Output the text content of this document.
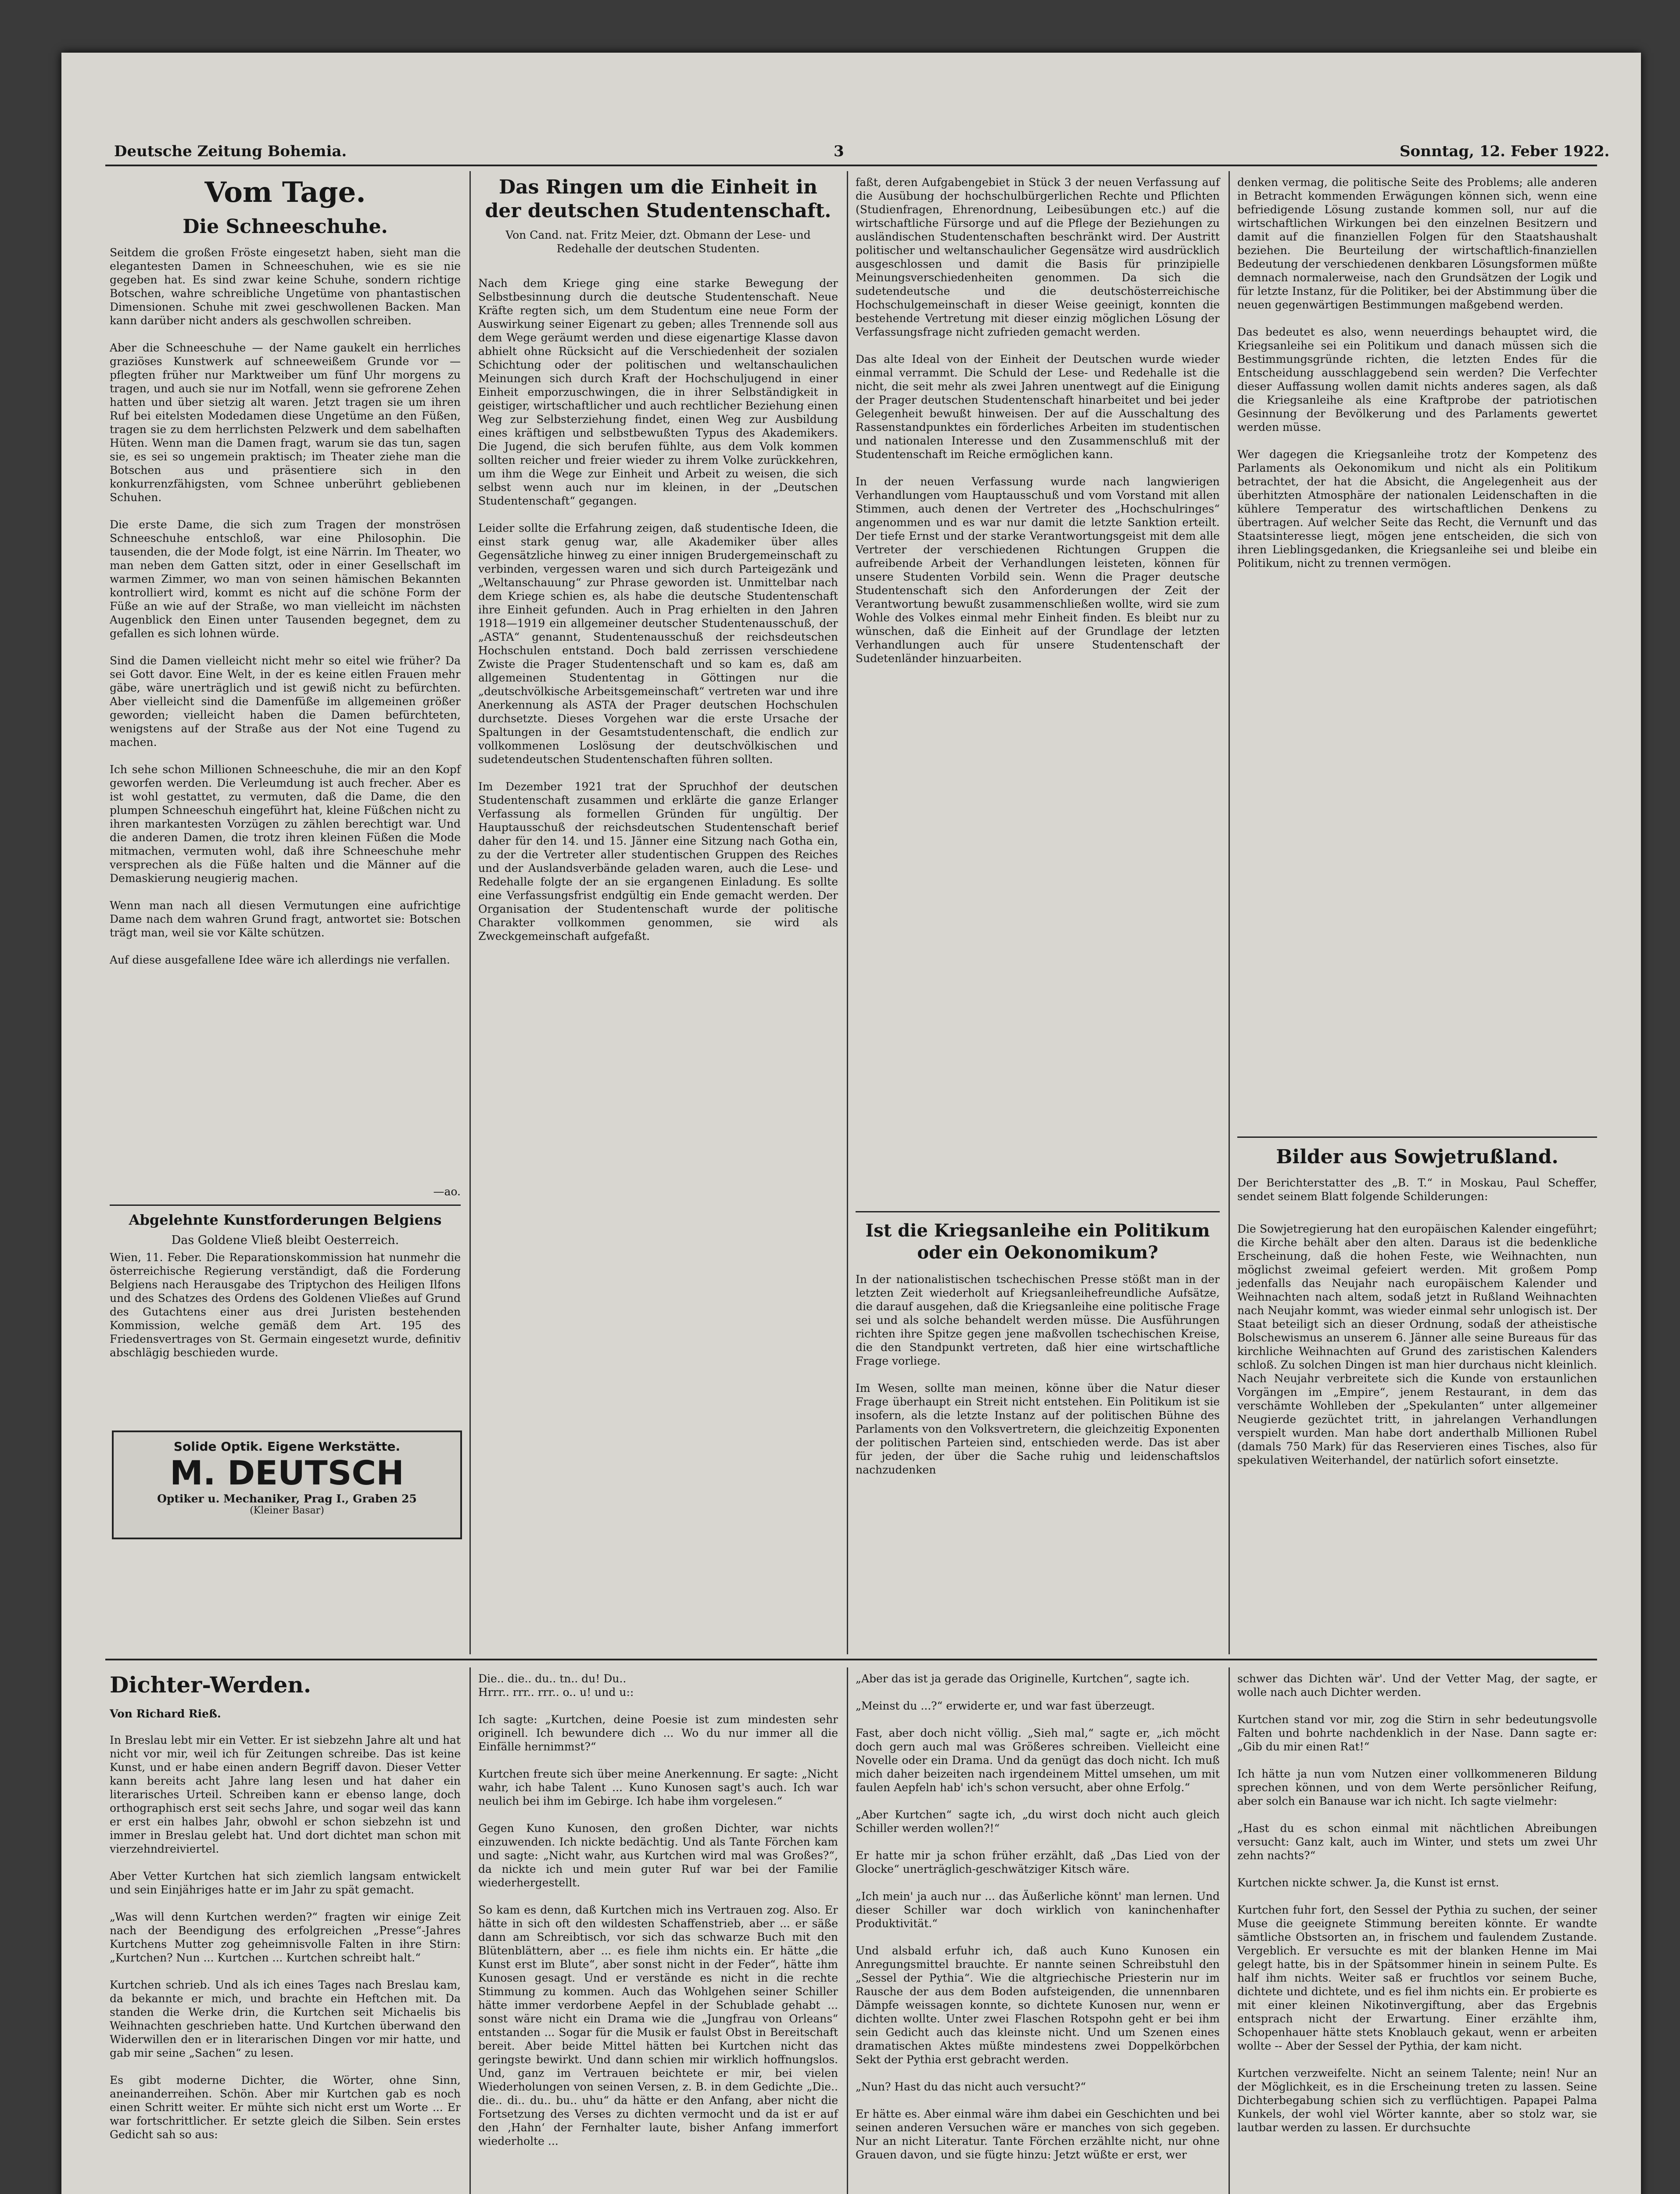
Deutsche Zeitung Bohemia.	3	Sonntag, 12. Feber 1922.
Vom Tage.
Die Schneeschuhe.
Seitdem die großen Fröste eingesetzt haben, sieht man die elegantesten Damen in Schneeschuhen, wie es sie nie gegeben hat. Es sind zwar keine Schuhe, sondern richtige Botschen, wahre schreibliche Ungetüme von phantastischen Dimensionen. Schuhe mit zwei geschwollenen Backen. Man kann darüber nicht anders als geschwollen schreiben.

Aber die Schneeschuhe — der Name gaukelt ein herrliches graziöses Kunstwerk auf schneeweißem Grunde vor — pflegten früher nur Marktweiber um fünf Uhr morgens zu tragen, und auch sie nur im Notfall, wenn sie gefrorene Zehen hatten und über sietzig alt waren. Jetzt tragen sie um ihren Ruf bei eitelsten Modedamen diese Ungetüme an den Füßen, tragen sie zu dem herrlichsten Pelzwerk und dem sabelhaften Hüten. Wenn man die Damen fragt, warum sie das tun, sagen sie, es sei so ungemein praktisch; im Theater ziehe man die Botschen aus und präsentiere sich in den konkurrenzfähigsten, vom Schnee unberührt gebliebenen Schuhen.

Die erste Dame, die sich zum Tragen der monströsen Schneeschuhe entschloß, war eine Philosophin. Die tausenden, die der Mode folgt, ist eine Närrin. Im Theater, wo man neben dem Gatten sitzt, oder in einer Gesellschaft im warmen Zimmer, wo man von seinen hämischen Bekannten kontrolliert wird, kommt es nicht auf die schöne Form der Füße an wie auf der Straße, wo man vielleicht im nächsten Augenblick den Einen unter Tausenden begegnet, dem zu gefallen es sich lohnen würde.

Sind die Damen vielleicht nicht mehr so eitel wie früher? Da sei Gott davor. Eine Welt, in der es keine eitlen Frauen mehr gäbe, wäre unerträglich und ist gewiß nicht zu befürchten. Aber vielleicht sind die Damenfüße im allgemeinen größer geworden; vielleicht haben die Damen befürchteten, wenigstens auf der Straße aus der Not eine Tugend zu machen.

Ich sehe schon Millionen Schneeschuhe, die mir an den Kopf geworfen werden. Die Verleumdung ist auch frecher. Aber es ist wohl gestattet, zu vermuten, daß die Dame, die den plumpen Schneeschuh eingeführt hat, kleine Füßchen nicht zu ihren markantesten Vorzügen zu zählen berechtigt war. Und die anderen Damen, die trotz ihren kleinen Füßen die Mode mitmachen, vermuten wohl, daß ihre Schneeschuhe mehr versprechen als die Füße halten und die Männer auf die Demaskierung neugierig machen.

Wenn man nach all diesen Vermutungen eine aufrichtige Dame nach dem wahren Grund fragt, antwortet sie: Botschen trägt man, weil sie vor Kälte schützen.

Auf diese ausgefallene Idee wäre ich allerdings nie verfallen.
—ao.
Abgelehnte Kunstforderungen Belgiens
Das Goldene Vließ bleibt Oesterreich.
Wien, 11. Feber. Die Reparationskommission hat nunmehr die österreichische Regierung verständigt, daß die Forderung Belgiens nach Herausgabe des Triptychon des Heiligen Ilfons und des Schatzes des Ordens des Goldenen Vließes auf Grund des Gutachtens einer aus drei Juristen bestehenden Kommission, welche gemäß dem Art. 195 des Friedensvertrages von St. Germain eingesetzt wurde, definitiv abschlägig beschieden wurde.
Solide Optik. Eigene Werkstätte.
M. DEUTSCH
Optiker u. Mechaniker, Prag I., Graben 25
(Kleiner Basar)
Das Ringen um die Einheit in der deutschen Studentenschaft.
Von Cand. nat. Fritz Meier, dzt. Obmann der Lese- und Redehalle der deutschen Studenten.
Nach dem Kriege ging eine starke Bewegung der Selbstbesinnung durch die deutsche Studentenschaft. Neue Kräfte regten sich, um dem Studentum eine neue Form der Auswirkung seiner Eigenart zu geben; alles Trennende soll aus dem Wege geräumt werden und diese eigenartige Klasse davon abhielt ohne Rücksicht auf die Verschiedenheit der sozialen Schichtung oder der politischen und weltanschaulichen Meinungen sich durch Kraft der Hochschuljugend in einer Einheit emporzuschwingen, die in ihrer Selbständigkeit in geistiger, wirtschaftlicher und auch rechtlicher Beziehung einen Weg zur Selbsterziehung findet, einen Weg zur Ausbildung eines kräftigen und selbstbewußten Typus des Akademikers. Die Jugend, die sich berufen fühlte, aus dem Volk kommen sollten reicher und freier wieder zu ihrem Volke zurückkehren, um ihm die Wege zur Einheit und Arbeit zu weisen, die sich selbst wenn auch nur im kleinen, in der „Deutschen Studentenschaft“ gegangen.

Leider sollte die Erfahrung zeigen, daß studentische Ideen, die einst stark genug war, alle Akademiker über alles Gegensätzliche hinweg zu einer innigen Brudergemeinschaft zu verbinden, vergessen waren und sich durch Parteigezänk und „Weltanschauung“ zur Phrase geworden ist. Unmittelbar nach dem Kriege schien es, als habe die deutsche Studentenschaft ihre Einheit gefunden. Auch in Prag erhielten in den Jahren 1918—1919 ein allgemeiner deutscher Studentenausschuß, der „ASTA“ genannt, Studentenausschuß der reichsdeutschen Hochschulen entstand. Doch bald zerrissen verschiedene Zwiste die Prager Studentenschaft und so kam es, daß am allgemeinen Studententag in Göttingen nur die „deutschvölkische Arbeitsgemeinschaft“ vertreten war und ihre Anerkennung als ASTA der Prager deutschen Hochschulen durchsetzte. Dieses Vorgehen war die erste Ursache der Spaltungen in der Gesamtstudentenschaft, die endlich zur vollkommenen Loslösung der deutschvölkischen und sudetendeutschen Studentenschaften führen sollten.

Im Dezember 1921 trat der Spruchhof der deutschen Studentenschaft zusammen und erklärte die ganze Erlanger Verfassung als formellen Gründen für ungültig. Der Hauptausschuß der reichsdeutschen Studentenschaft berief daher für den 14. und 15. Jänner eine Sitzung nach Gotha ein, zu der die Vertreter aller studentischen Gruppen des Reiches und der Auslandsverbände geladen waren, auch die Lese- und Redehalle folgte der an sie ergangenen Einladung. Es sollte eine Verfassungsfrist endgültig ein Ende gemacht werden. Der Organisation der Studentenschaft wurde der politische Charakter vollkommen genommen, sie wird als Zweckgemeinschaft aufgefaßt.
faßt, deren Aufgabengebiet in Stück 3 der neuen Verfassung auf die Ausübung der hochschulbürgerlichen Rechte und Pflichten (Studienfragen, Ehrenordnung, Leibesübungen etc.) auf die wirtschaftliche Fürsorge und auf die Pflege der Beziehungen zu ausländischen Studentenschaften beschränkt wird. Der Austritt politischer und weltanschaulicher Gegensätze wird ausdrücklich ausgeschlossen und damit die Basis für prinzipielle Meinungsverschiedenheiten genommen. Da sich die sudetendeutsche und die deutschösterreichische Hochschulgemeinschaft in dieser Weise geeinigt, konnten die bestehende Vertretung mit dieser einzig möglichen Lösung der Verfassungsfrage nicht zufrieden gemacht werden.

Das alte Ideal von der Einheit der Deutschen wurde wieder einmal verrammt. Die Schuld der Lese- und Redehalle ist die nicht, die seit mehr als zwei Jahren unentwegt auf die Einigung der Prager deutschen Studentenschaft hinarbeitet und bei jeder Gelegenheit bewußt hinweisen. Der auf die Ausschaltung des Rassenstandpunktes ein förderliches Arbeiten im studentischen und nationalen Interesse und den Zusammenschluß mit der Studentenschaft im Reiche ermöglichen kann.

In der neuen Verfassung wurde nach langwierigen Verhandlungen vom Hauptausschuß und vom Vorstand mit allen Stimmen, auch denen der Vertreter des „Hochschulringes“ angenommen und es war nur damit die letzte Sanktion erteilt. Der tiefe Ernst und der starke Verantwortungsgeist mit dem alle Vertreter der verschiedenen Richtungen Gruppen die aufreibende Arbeit der Verhandlungen leisteten, können für unsere Studenten Vorbild sein. Wenn die Prager deutsche Studentenschaft sich den Anforderungen der Zeit der Verantwortung bewußt zusammenschließen wollte, wird sie zum Wohle des Volkes einmal mehr Einheit finden. Es bleibt nur zu wünschen, daß die Einheit auf der Grundlage der letzten Verhandlungen auch für unsere Studentenschaft der Sudetenländer hinzuarbeiten.
Ist die Kriegsanleihe ein Politikum oder ein Oekonomikum?
In der nationalistischen tschechischen Presse stößt man in der letzten Zeit wiederholt auf Kriegsanleihefreundliche Aufsätze, die darauf ausgehen, daß die Kriegsanleihe eine politische Frage sei und als solche behandelt werden müsse. Die Ausführungen richten ihre Spitze gegen jene maßvollen tschechischen Kreise, die den Standpunkt vertreten, daß hier eine wirtschaftliche Frage vorliege.

Im Wesen, sollte man meinen, könne über die Natur dieser Frage überhaupt ein Streit nicht entstehen. Ein Politikum ist sie insofern, als die letzte Instanz auf der politischen Bühne des Parlaments von den Volksvertretern, die gleichzeitig Exponenten der politischen Parteien sind, entschieden werde. Das ist aber für jeden, der über die Sache ruhig und leidenschaftslos nachzudenken
denken vermag, die politische Seite des Problems; alle anderen in Betracht kommenden Erwägungen können sich, wenn eine befriedigende Lösung zustande kommen soll, nur auf die wirtschaftlichen Wirkungen bei den einzelnen Besitzern und damit auf die finanziellen Folgen für den Staatshaushalt beziehen. Die Beurteilung der wirtschaftlich-finanziellen Bedeutung der verschiedenen denkbaren Lösungsformen müßte demnach normalerweise, nach den Grundsätzen der Logik und für letzte Instanz, für die Politiker, bei der Abstimmung über die neuen gegenwärtigen Bestimmungen maßgebend werden.

Das bedeutet es also, wenn neuerdings behauptet wird, die Kriegsanleihe sei ein Politikum und danach müssen sich die Bestimmungsgründe richten, die letzten Endes für die Entscheidung ausschlaggebend sein werden? Die Verfechter dieser Auffassung wollen damit nichts anderes sagen, als daß die Kriegsanleihe als eine Kraftprobe der patriotischen Gesinnung der Bevölkerung und des Parlaments gewertet werden müsse.

Wer dagegen die Kriegsanleihe trotz der Kompetenz des Parlaments als Oekonomikum und nicht als ein Politikum betrachtet, der hat die Absicht, die Angelegenheit aus der überhitzten Atmosphäre der nationalen Leidenschaften in die kühlere Temperatur des wirtschaftlichen Denkens zu übertragen. Auf welcher Seite das Recht, die Vernunft und das Staatsinteresse liegt, mögen jene entscheiden, die sich von ihren Lieblingsgedanken, die Kriegsanleihe sei und bleibe ein Politikum, nicht zu trennen vermögen.
Bilder aus Sowjetrußland.
Der Berichterstatter des „B. T.“ in Moskau, Paul Scheffer, sendet seinem Blatt folgende Schilderungen:
Die Sowjetregierung hat den europäischen Kalender eingeführt; die Kirche behält aber den alten. Daraus ist die bedenkliche Erscheinung, daß die hohen Feste, wie Weihnachten, nun möglichst zweimal gefeiert werden. Mit großem Pomp jedenfalls das Neujahr nach europäischem Kalender und Weihnachten nach altem, sodaß jetzt in Rußland Weihnachten nach Neujahr kommt, was wieder einmal sehr unlogisch ist. Der Staat beteiligt sich an dieser Ordnung, sodaß der atheistische Bolschewismus an unserem 6. Jänner alle seine Bureaus für das kirchliche Weihnachten auf Grund des zaristischen Kalenders schloß. Zu solchen Dingen ist man hier durchaus nicht kleinlich. Nach Neujahr verbreitete sich die Kunde von erstaunlichen Vorgängen im „Empire“, jenem Restaurant, in dem das verschämte Wohlleben der „Spekulanten“ unter allgemeiner Neugierde gezüchtet tritt, in jahrelangen Verhandlungen verspielt wurden. Man habe dort anderthalb Millionen Rubel (damals 750 Mark) für das Reservieren eines Tisches, also für spekulativen Weiterhandel, der natürlich sofort einsetzte.
Dichter-Werden.
Von Richard Rieß.
In Breslau lebt mir ein Vetter. Er ist siebzehn Jahre alt und hat nicht vor mir, weil ich für Zeitungen schreibe. Das ist keine Kunst, und er habe einen andern Begriff davon. Dieser Vetter kann bereits acht Jahre lang lesen und hat daher ein literarisches Urteil. Schreiben kann er ebenso lange, doch orthographisch erst seit sechs Jahre, und sogar weil das kann er erst ein halbes Jahr, obwohl er schon siebzehn ist und immer in Breslau gelebt hat. Und dort dichtet man schon mit vierzehndreiviertel.

Aber Vetter Kurtchen hat sich ziemlich langsam entwickelt und sein Einjähriges hatte er im Jahr zu spät gemacht.

„Was will denn Kurtchen werden?“ fragten wir einige Zeit nach der Beendigung des erfolgreichen „Presse“-Jahres Kurtchens Mutter zog geheimnisvolle Falten in ihre Stirn: „Kurtchen? Nun ... Kurtchen ... Kurtchen schreibt halt.“

Kurtchen schrieb. Und als ich eines Tages nach Breslau kam, da bekannte er mich, und brachte ein Heftchen mit. Da standen die Werke drin, die Kurtchen seit Michaelis bis Weihnachten geschrieben hatte. Und Kurtchen überwand den Widerwillen den er in literarischen Dingen vor mir hatte, und gab mir seine „Sachen“ zu lesen.

Es gibt moderne Dichter, die Wörter, ohne Sinn, aneinanderreihen. Schön. Aber mir Kurtchen gab es noch einen Schritt weiter. Er mühte sich nicht erst um Worte ... Er war fortschrittlicher. Er setzte gleich die Silben. Sein erstes Gedicht sah so aus:
Die.. die.. du.. tn.. du! Du..
Hrrr.. rrr.. rrr.. o.. u! und u::

Ich sagte: „Kurtchen, deine Poesie ist zum mindesten sehr originell. Ich bewundere dich ... Wo du nur immer all die Einfälle hernimmst?“

Kurtchen freute sich über meine Anerkennung. Er sagte: „Nicht wahr, ich habe Talent ... Kuno Kunosen sagt's auch. Ich war neulich bei ihm im Gebirge. Ich habe ihm vorgelesen.“

Gegen Kuno Kunosen, den großen Dichter, war nichts einzuwenden. Ich nickte bedächtig. Und als Tante Förchen kam und sagte: „Nicht wahr, aus Kurtchen wird mal was Großes?“, da nickte ich und mein guter Ruf war bei der Familie wiederhergestellt.

So kam es denn, daß Kurtchen mich ins Vertrauen zog. Also. Er hätte in sich oft den wildesten Schaffenstrieb, aber ... er säße dann am Schreibtisch, vor sich das schwarze Buch mit den Blütenblättern, aber ... es fiele ihm nichts ein. Er hätte „die Kunst erst im Blute“, aber sonst nicht in der Feder“, hätte ihm Kunosen gesagt. Und er verstände es nicht in die rechte Stimmung zu kommen. Auch das Wohlgehen seiner Schiller hätte immer verdorbene Aepfel in der Schublade gehabt ... sonst wäre nicht ein Drama wie die „Jungfrau von Orleans“ entstanden ... Sogar für die Musik er faulst Obst in Bereitschaft bereit. Aber beide Mittel hätten bei Kurtchen nicht das geringste bewirkt. Und dann schien mir wirklich hoffnungslos. Und, ganz im Vertrauen beichtete er mir, bei vielen Wiederholungen von seinen Versen, z. B. in dem Gedichte „Die.. die.. di.. du.. bu.. uhu“ da hätte er den Anfang, aber nicht die Fortsetzung des Verses zu dichten vermocht und da ist er auf den ‚Hahn‘ der Fernhalter laute, bisher Anfang immerfort wiederholte ...
„Aber das ist ja gerade das Originelle, Kurtchen“, sagte ich.

„Meinst du ...?“ erwiderte er, und war fast überzeugt.

Fast, aber doch nicht völlig. „Sieh mal,“ sagte er, „ich möcht doch gern auch mal was Größeres schreiben. Vielleicht eine Novelle oder ein Drama. Und da genügt das doch nicht. Ich muß mich daher beizeiten nach irgendeinem Mittel umsehen, um mit faulen Aepfeln hab' ich's schon versucht, aber ohne Erfolg.“

„Aber Kurtchen“ sagte ich, „du wirst doch nicht auch gleich Schiller werden wollen?!“

Er hatte mir ja schon früher erzählt, daß „Das Lied von der Glocke“ unerträglich-geschwätziger Kitsch wäre.

„Ich mein' ja auch nur ... das Äußerliche könnt' man lernen. Und dieser Schiller war doch wirklich von kaninchenhafter Produktivität.“

Und alsbald erfuhr ich, daß auch Kuno Kunosen ein Anregungsmittel brauchte. Er nannte seinen Schreibstuhl den „Sessel der Pythia“. Wie die altgriechische Priesterin nur im Rausche der aus dem Boden aufsteigenden, die unnennbaren Dämpfe weissagen konnte, so dichtete Kunosen nur, wenn er dichten wollte. Unter zwei Flaschen Rotspohn geht er bei ihm sein Gedicht auch das kleinste nicht. Und um Szenen eines dramatischen Aktes müßte mindestens zwei Doppelkörbchen Sekt der Pythia erst gebracht werden.

„Nun? Hast du das nicht auch versucht?“

Er hätte es. Aber einmal wäre ihm dabei ein Geschichten und bei seinen anderen Versuchen wäre er manches von sich gegeben. Nur an nicht Literatur. Tante Förchen erzählte nicht, nur ohne Grauen davon, und sie fügte hinzu: Jetzt wüßte er erst, wer
schwer das Dichten wär'. Und der Vetter Mag, der sagte, er wolle nach auch Dichter werden.

Kurtchen stand vor mir, zog die Stirn in sehr bedeutungsvolle Falten und bohrte nachdenklich in der Nase. Dann sagte er: „Gib du mir einen Rat!“

Ich hätte ja nun vom Nutzen einer vollkommeneren Bildung sprechen können, und von dem Werte persönlicher Reifung, aber solch ein Banause war ich nicht. Ich sagte vielmehr:

„Hast du es schon einmal mit nächtlichen Abreibungen versucht: Ganz kalt, auch im Winter, und stets um zwei Uhr zehn nachts?“

Kurtchen nickte schwer. Ja, die Kunst ist ernst.

Kurtchen fuhr fort, den Sessel der Pythia zu suchen, der seiner Muse die geeignete Stimmung bereiten könnte. Er wandte sämtliche Obstsorten an, in frischem und faulendem Zustande. Vergeblich. Er versuchte es mit der blanken Henne im Mai gelegt hatte, bis in der Spätsommer hinein in seinem Pulte. Es half ihm nichts. Weiter saß er fruchtlos vor seinem Buche, dichtete und dichtete, und es fiel ihm nichts ein. Er probierte es mit einer kleinen Nikotinvergiftung, aber das Ergebnis entsprach nicht der Erwartung. Einer erzählte ihm, Schopenhauer hätte stets Knoblauch gekaut, wenn er arbeiten wollte -- Aber der Sessel der Pythia, der kam nicht.

Kurtchen verzweifelte. Nicht an seinem Talente; nein! Nur an der Möglichkeit, es in die Erscheinung treten zu lassen. Seine Dichterbegabung schien sich zu verflüchtigen. Papapei Palma Kunkels, der wohl viel Wörter kannte, aber so stolz war, sie lautbar werden zu lassen. Er durchsuchte
